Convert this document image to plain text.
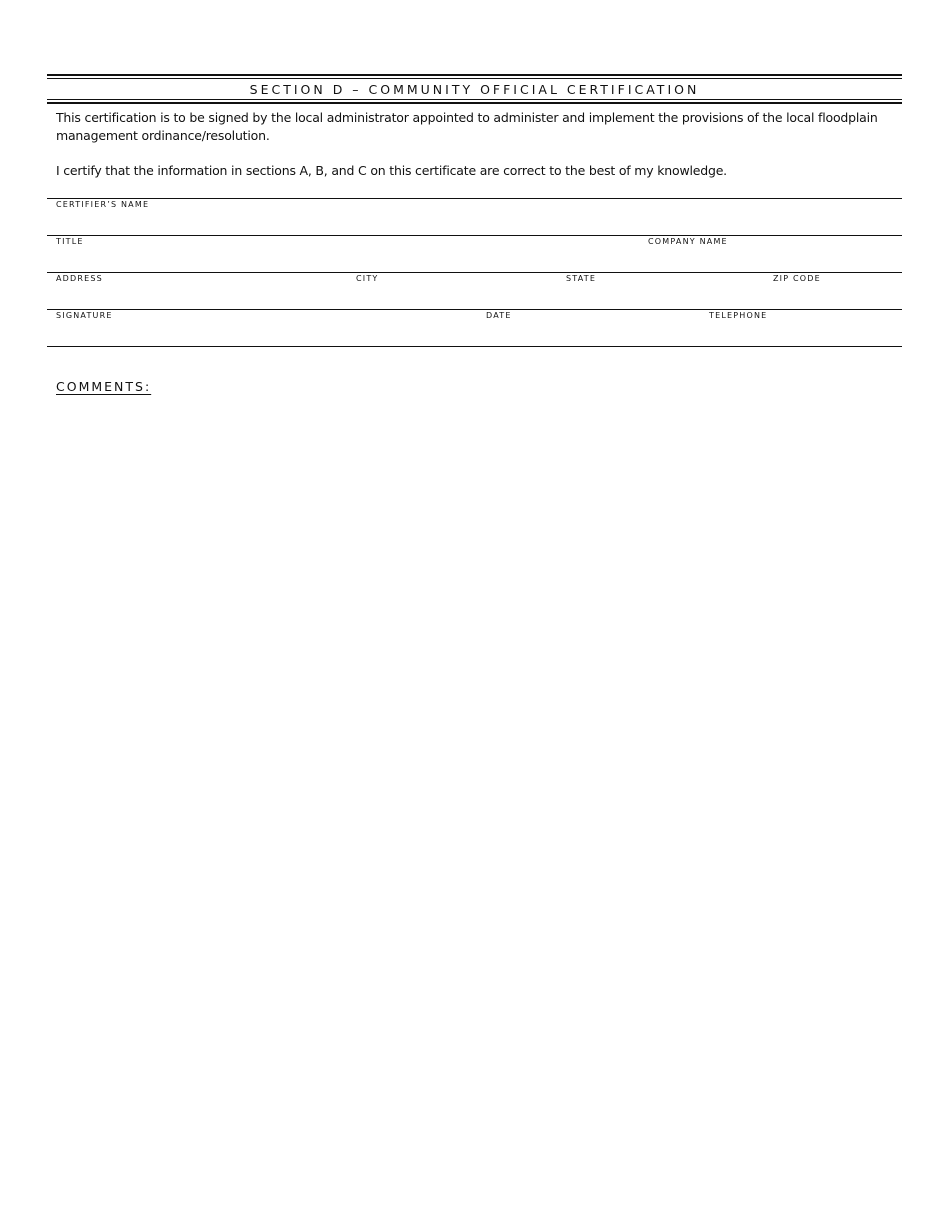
SECTION D – COMMUNITY OFFICIAL CERTIFICATION

This certification is to be signed by the local administrator appointed to administer and implement the provisions of the local floodplain management ordinance/resolution.

I certify that the information in sections A, B, and C on this certificate are correct to the best of my knowledge.

CERTIFIER’S NAME
TITLE	COMPANY NAME
ADDRESS	CITY	STATE	ZIP CODE
SIGNATURE	DATE	TELEPHONE
COMMENTS:
